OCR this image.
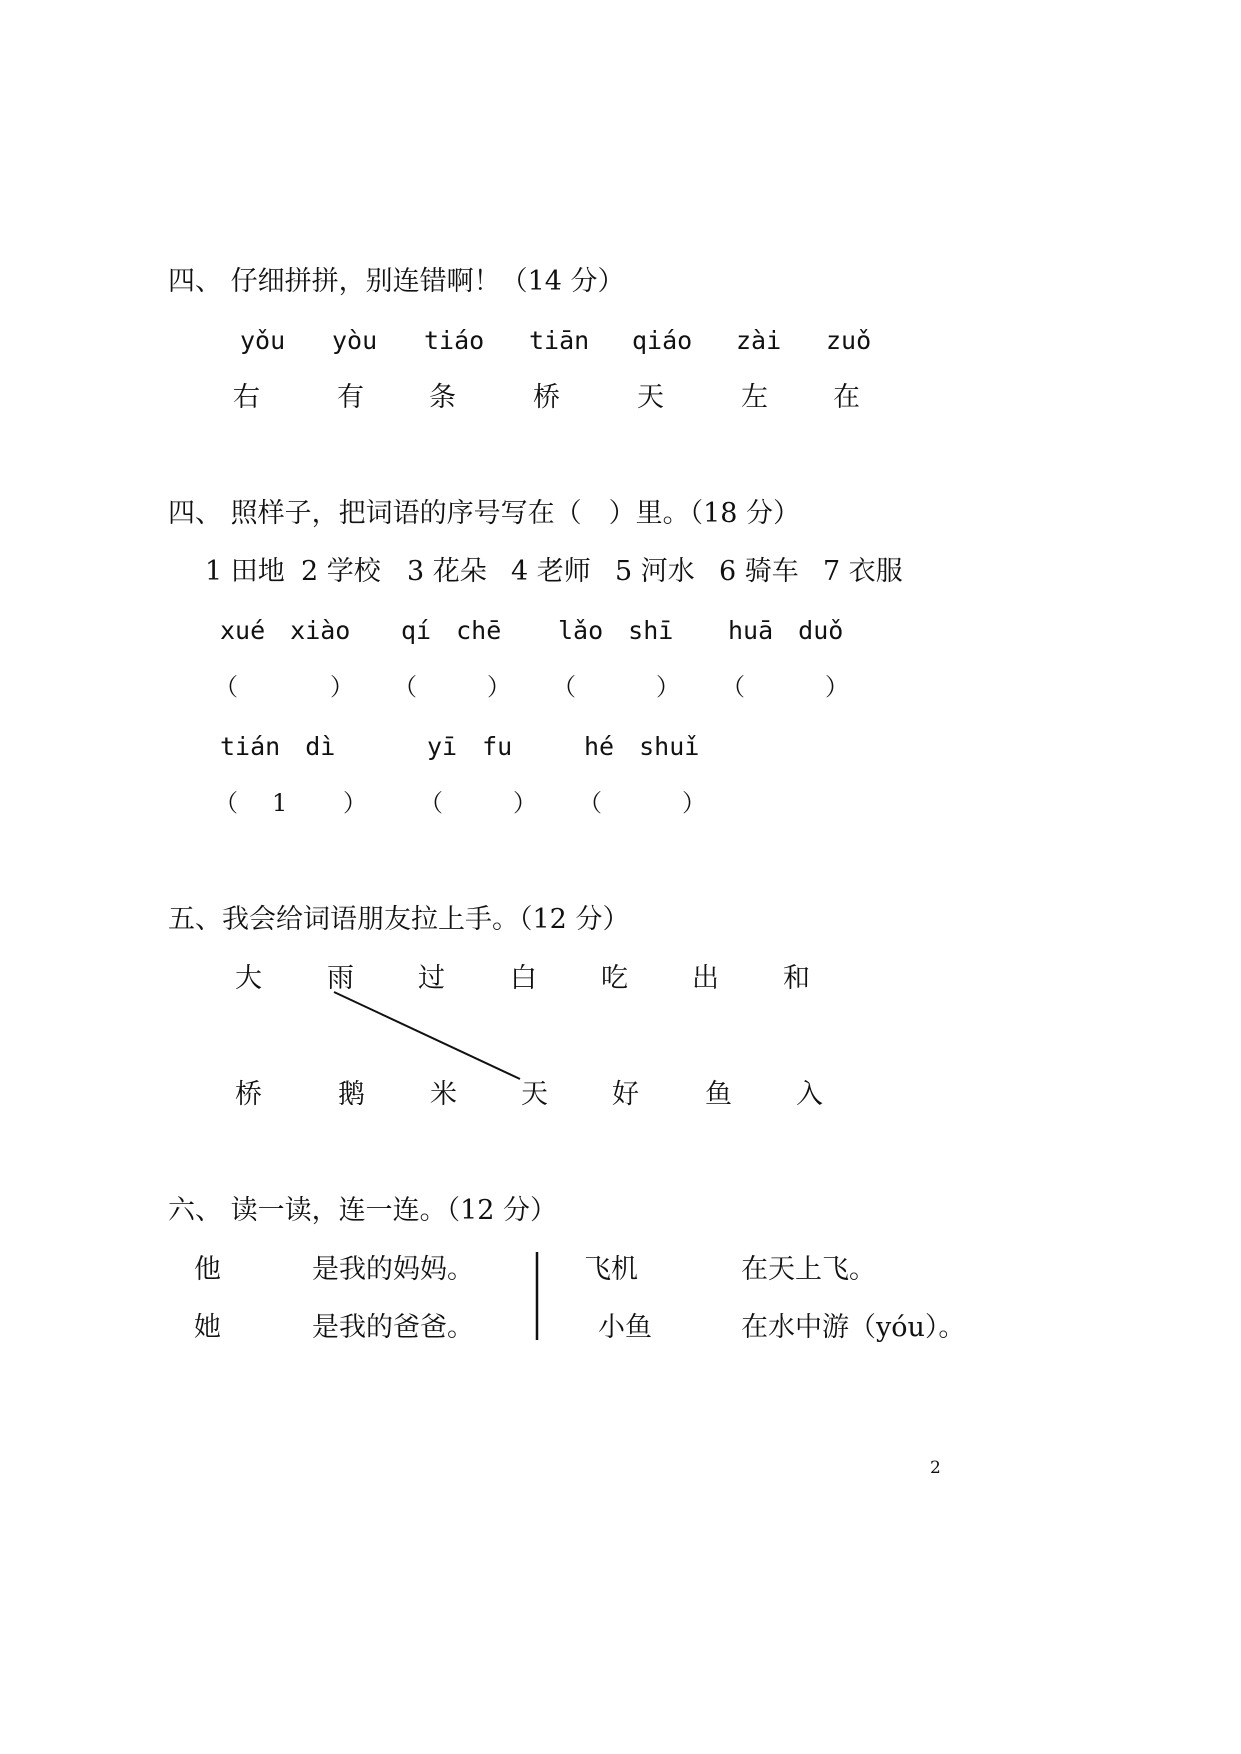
四、 仔细拼拼，别连错啊！（14 分）
yǒu yòu tiáo tiān qiáo zài zuǒ
右	有 条	桥	天	左 在
四、 照样子，把词语的序号写在（　）里。（18 分）
1 田地 2 学校 3 花朵 4 老师 5 河水 6 骑车 7 衣服
xué　xiào qí　chē lǎo　shī huā　duǒ
（	） （	） （	） （	）
tián　dì	yī　fu	hé　shuǐ
（ 1 ） （	） （	）
五、我会给词语朋友拉上手。（12 分）
大 雨 过 白 吃 出 和
桥	鹅 米 天 好 鱼 入
六、 读一读，连一连。（12 分）
他	是我的妈妈。	飞机	在天上飞。
她	是我的爸爸。	小鱼	在水中游（yóu）。
2
